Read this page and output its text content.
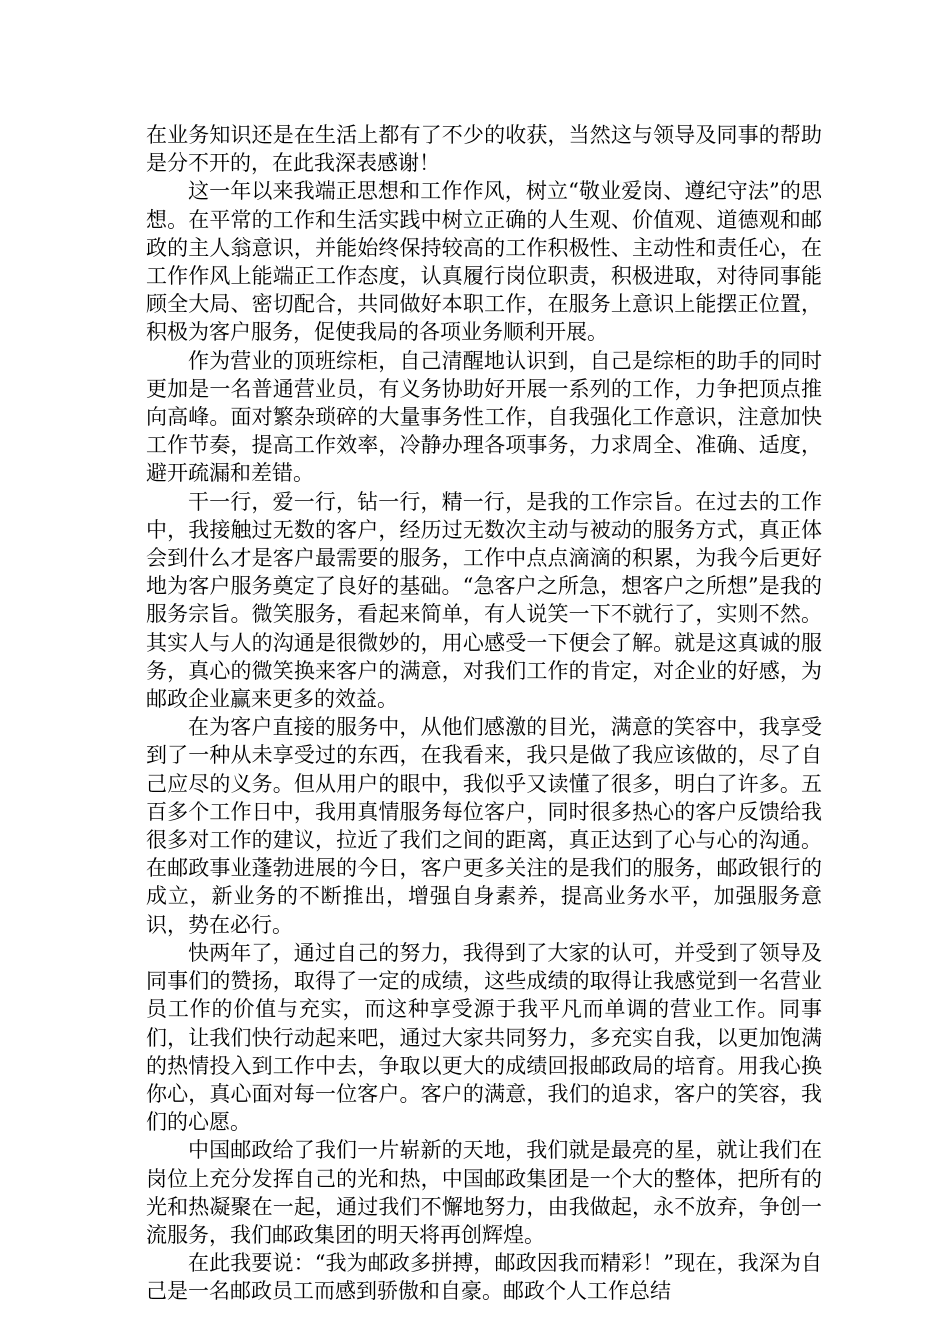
在业务知识还是在生活上都有了不少的收获，当然这与领导及同事的帮助是分不开的，在此我深表感谢！

这一年以来我端正思想和工作作风，树立“敬业爱岗、遵纪守法”的思想。在平常的工作和生活实践中树立正确的人生观、价值观、道德观和邮政的主人翁意识，并能始终保持较高的工作积极性、主动性和责任心，在工作作风上能端正工作态度，认真履行岗位职责，积极进取，对待同事能顾全大局、密切配合，共同做好本职工作，在服务上意识上能摆正位置，积极为客户服务，促使我局的各项业务顺利开展。

作为营业的顶班综柜，自己清醒地认识到，自己是综柜的助手的同时更加是一名普通营业员，有义务协助好开展一系列的工作，力争把顶点推向高峰。面对繁杂琐碎的大量事务性工作，自我强化工作意识，注意加快工作节奏，提高工作效率，冷静办理各项事务，力求周全、准确、适度，避开疏漏和差错。

干一行，爱一行，钻一行，精一行，是我的工作宗旨。在过去的工作中，我接触过无数的客户，经历过无数次主动与被动的服务方式，真正体会到什么才是客户最需要的服务，工作中点点滴滴的积累，为我今后更好地为客户服务奠定了良好的基础。“急客户之所急，想客户之所想”是我的服务宗旨。微笑服务，看起来简单，有人说笑一下不就行了，实则不然。其实人与人的沟通是很微妙的，用心感受一下便会了解。就是这真诚的服务，真心的微笑换来客户的满意，对我们工作的肯定，对企业的好感，为邮政企业赢来更多的效益。

在为客户直接的服务中，从他们感激的目光，满意的笑容中，我享受到了一种从未享受过的东西，在我看来，我只是做了我应该做的，尽了自己应尽的义务。但从用户的眼中，我似乎又读懂了很多，明白了许多。五百多个工作日中，我用真情服务每位客户，同时很多热心的客户反馈给我很多对工作的建议，拉近了我们之间的距离，真正达到了心与心的沟通。在邮政事业蓬勃进展的今日，客户更多关注的是我们的服务，邮政银行的成立，新业务的不断推出，增强自身素养，提高业务水平，加强服务意识，势在必行。

快两年了，通过自己的努力，我得到了大家的认可，并受到了领导及同事们的赞扬，取得了一定的成绩，这些成绩的取得让我感觉到一名营业员工作的价值与充实，而这种享受源于我平凡而单调的营业工作。同事们，让我们快行动起来吧，通过大家共同努力，多充实自我，以更加饱满的热情投入到工作中去，争取以更大的成绩回报邮政局的培育。用我心换你心，真心面对每一位客户。客户的满意，我们的追求，客户的笑容，我们的心愿。

中国邮政给了我们一片崭新的天地，我们就是最亮的星，就让我们在岗位上充分发挥自己的光和热，中国邮政集团是一个大的整体，把所有的光和热凝聚在一起，通过我们不懈地努力，由我做起，永不放弃，争创一流服务，我们邮政集团的明天将再创辉煌。

在此我要说：“我为邮政多拼搏，邮政因我而精彩！”现在，我深为自己是一名邮政员工而感到骄傲和自豪。邮政个人工作总结
